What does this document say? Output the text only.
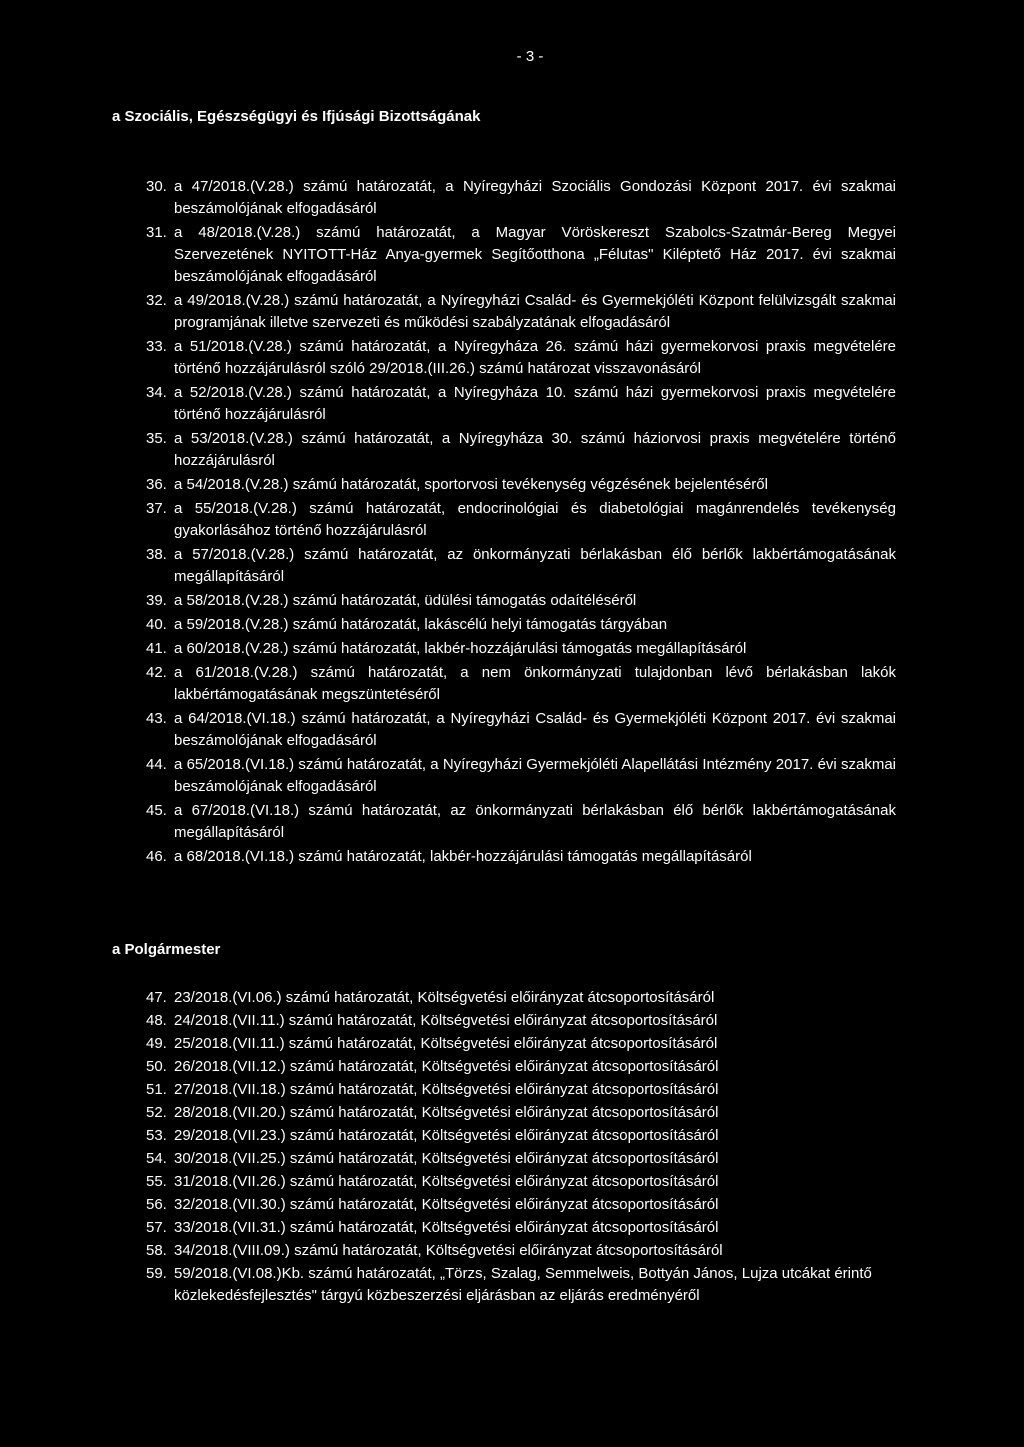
- 3 -
a Szociális, Egészségügyi és Ifjúsági Bizottságának
30. a 47/2018.(V.28.) számú határozatát, a Nyíregyházi Szociális Gondozási Központ 2017. évi szakmai beszámolójának elfogadásáról
31. a 48/2018.(V.28.) számú határozatát, a Magyar Vöröskereszt Szabolcs-Szatmár-Bereg Megyei Szervezetének NYITOTT-Ház Anya-gyermek Segítőotthona „Félutas" Kiléptető Ház 2017. évi szakmai beszámolójának elfogadásáról
32. a 49/2018.(V.28.) számú határozatát, a Nyíregyházi Család- és Gyermekjóléti Központ felülvizsgált szakmai programjának illetve szervezeti és működési szabályzatának elfogadásáról
33. a 51/2018.(V.28.) számú határozatát, a Nyíregyháza 26. számú házi gyermekorvosi praxis megvételére történő hozzájárulásról szóló 29/2018.(III.26.) számú határozat visszavonásáról
34. a 52/2018.(V.28.) számú határozatát, a Nyíregyháza 10. számú házi gyermekorvosi praxis megvételére történő hozzájárulásról
35. a 53/2018.(V.28.) számú határozatát, a Nyíregyháza 30. számú háziorvosi praxis megvételére történő hozzájárulásról
36. a 54/2018.(V.28.) számú határozatát, sportorvosi tevékenység végzésének bejelentéséről
37. a 55/2018.(V.28.) számú határozatát, endocrinológiai és diabetológiai magánrendelés tevékenység gyakorlásához történő hozzájárulásról
38. a 57/2018.(V.28.) számú határozatát, az önkormányzati bérlakásban élő bérlők lakbértámogatásának megállapításáról
39. a 58/2018.(V.28.) számú határozatát, üdülési támogatás odaítéléséről
40. a 59/2018.(V.28.) számú határozatát, lakáscélú helyi támogatás tárgyában
41. a 60/2018.(V.28.) számú határozatát, lakbér-hozzájárulási támogatás megállapításáról
42. a 61/2018.(V.28.) számú határozatát, a nem önkormányzati tulajdonban lévő bérlakásban lakók lakbértámogatásának megszüntetéséről
43. a 64/2018.(VI.18.) számú határozatát, a Nyíregyházi Család- és Gyermekjóléti Központ 2017. évi szakmai beszámolójának elfogadásáról
44. a 65/2018.(VI.18.) számú határozatát, a Nyíregyházi Gyermekjóléti Alapellátási Intézmény 2017. évi szakmai beszámolójának elfogadásáról
45. a 67/2018.(VI.18.) számú határozatát, az önkormányzati bérlakásban élő bérlők lakbértámogatásának megállapításáról
46. a 68/2018.(VI.18.) számú határozatát, lakbér-hozzájárulási támogatás megállapításáról
a Polgármester
47. 23/2018.(VI.06.) számú határozatát, Költségvetési előirányzat átcsoportosításáról
48. 24/2018.(VII.11.) számú határozatát, Költségvetési előirányzat átcsoportosításáról
49. 25/2018.(VII.11.) számú határozatát, Költségvetési előirányzat átcsoportosításáról
50. 26/2018.(VII.12.) számú határozatát, Költségvetési előirányzat átcsoportosításáról
51. 27/2018.(VII.18.) számú határozatát, Költségvetési előirányzat átcsoportosításáról
52. 28/2018.(VII.20.) számú határozatát, Költségvetési előirányzat átcsoportosításáról
53. 29/2018.(VII.23.) számú határozatát, Költségvetési előirányzat átcsoportosításáról
54. 30/2018.(VII.25.) számú határozatát, Költségvetési előirányzat átcsoportosításáról
55. 31/2018.(VII.26.) számú határozatát, Költségvetési előirányzat átcsoportosításáról
56. 32/2018.(VII.30.) számú határozatát, Költségvetési előirányzat átcsoportosításáról
57. 33/2018.(VII.31.) számú határozatát, Költségvetési előirányzat átcsoportosításáról
58. 34/2018.(VIII.09.) számú határozatát, Költségvetési előirányzat átcsoportosításáról
59. 59/2018.(VI.08.)Kb. számú határozatát, „Törzs, Szalag, Semmelweis, Bottyán János, Lujza utcákat érintő közlekedésfejlesztés" tárgyú közbeszerzési eljárásban az eljárás eredményéről
